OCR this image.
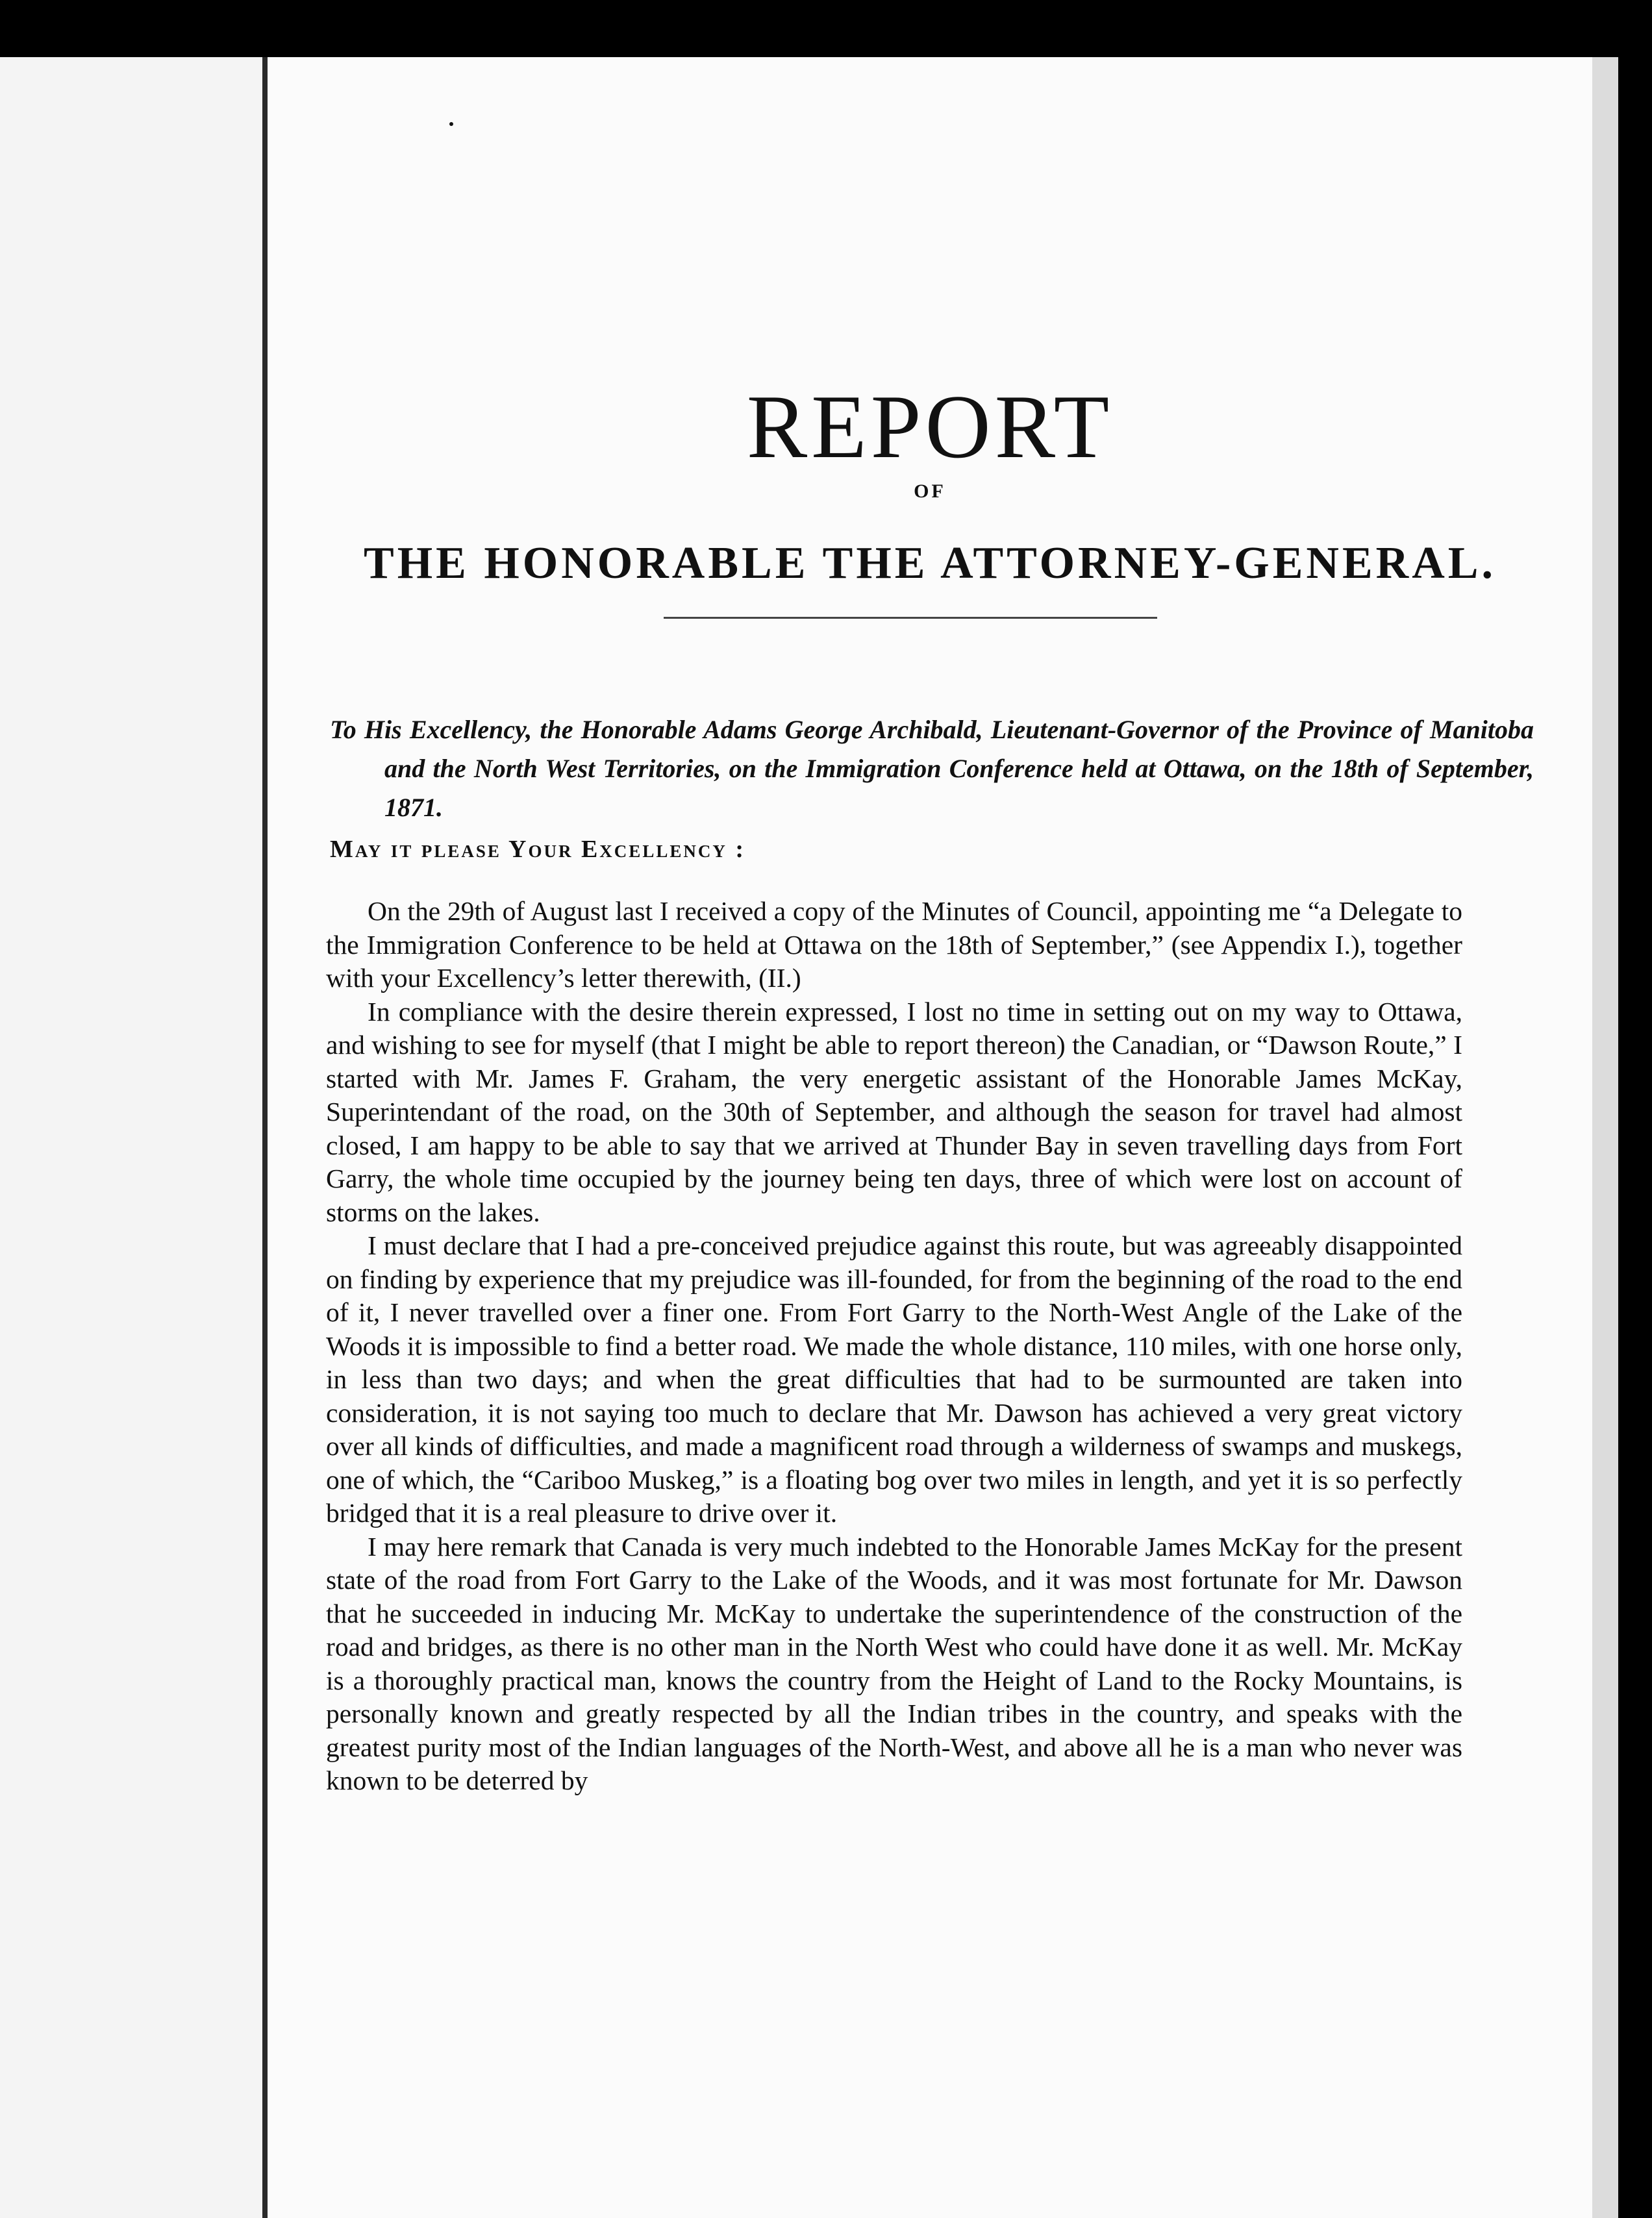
REPORT
OF
THE HONORABLE THE ATTORNEY-GENERAL.
To His Excellency, the Honorable Adams George Archibald, Lieutenant-Governor of the Province of Manitoba and the North West Territories, on the Immigration Conference held at Ottawa, on the 18th of September, 1871.
May it please Your Excellency :

On the 29th of August last I received a copy of the Minutes of Council, appointing me “a Delegate to the Immigration Conference to be held at Ottawa on the 18th of September,” (see Appendix I.), together with your Excellency’s letter therewith, (II.)

In compliance with the desire therein expressed, I lost no time in setting out on my way to Ottawa, and wishing to see for myself (that I might be able to report thereon) the Canadian, or “Dawson Route,” I started with Mr. James F. Graham, the very energetic assistant of the Honorable James McKay, Superintendant of the road, on the 30th of September, and although the season for travel had almost closed, I am happy to be able to say that we arrived at Thunder Bay in seven travelling days from Fort Garry, the whole time occupied by the journey being ten days, three of which were lost on account of storms on the lakes.

I must declare that I had a pre-conceived prejudice against this route, but was agreeably disappointed on finding by experience that my prejudice was ill-founded, for from the beginning of the road to the end of it, I never travelled over a finer one. From Fort Garry to the North-West Angle of the Lake of the Woods it is impossible to find a better road. We made the whole distance, 110 miles, with one horse only, in less than two days; and when the great difficulties that had to be surmounted are taken into consideration, it is not saying too much to declare that Mr. Dawson has achieved a very great victory over all kinds of difficulties, and made a magnificent road through a wilderness of swamps and muskegs, one of which, the “Cariboo Muskeg,” is a floating bog over two miles in length, and yet it is so perfectly bridged that it is a real pleasure to drive over it.

I may here remark that Canada is very much indebted to the Honorable James McKay for the present state of the road from Fort Garry to the Lake of the Woods, and it was most fortunate for Mr. Dawson that he succeeded in inducing Mr. McKay to undertake the superintendence of the construction of the road and bridges, as there is no other man in the North West who could have done it as well. Mr. McKay is a thoroughly practical man, knows the country from the Height of Land to the Rocky Mountains, is personally known and greatly respected by all the Indian tribes in the country, and speaks with the greatest purity most of the Indian languages of the North-West, and above all he is a man who never was known to be deterred by
